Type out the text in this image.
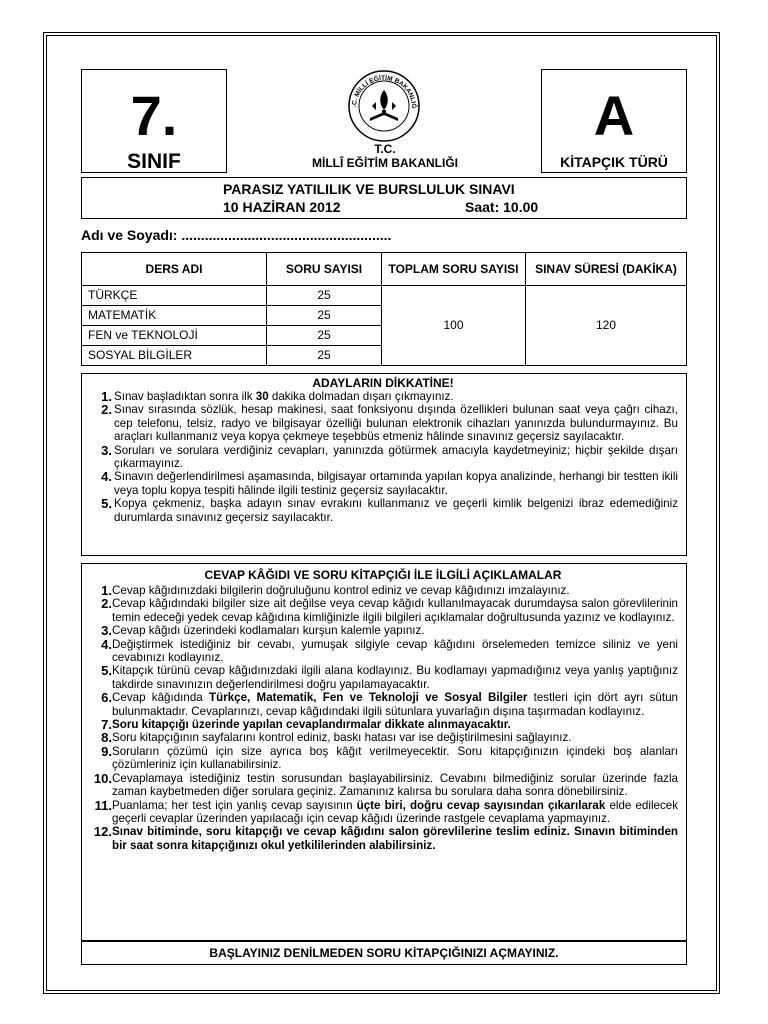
7.
SINIF
.C. MİLLİ EĞİTİM BAKANLIĞ
T.C.
MİLLÎ EĞİTİM BAKANLIĞI
A
KİTAPÇIK TÜRÜ
PARASIZ YATILILIK VE BURSLULUK SINAVI
10 HAZİRAN 2012	Saat: 10.00
Adı ve Soyadı: ......................................................
DERS ADI	SORU SAYISI	TOPLAM SORU SAYISI	SINAV SÜRESİ (DAKİKA)
TÜRKÇE	25	100	120
MATEMATİK	25		
FEN ve TEKNOLOJİ	25		
SOSYAL BİLGİLER	25		
ADAYLARIN DİKKATİNE!
1. Sınav başladıktan sonra ilk 30 dakika dolmadan dışarı çıkmayınız.
2. Sınav sırasında sözlük, hesap makinesi, saat fonksiyonu dışında özellikleri bulunan saat veya çağrı cihazı, cep telefonu, telsiz, radyo ve bilgisayar özelliği bulunan elektronik cihazları yanınızda bulundurmayınız. Bu araçları kullanmanız veya kopya çekmeye teşebbüs etmeniz hâlinde sınavınız geçersiz sayılacaktır.
3. Soruları ve sorulara verdiğiniz cevapları, yanınızda götürmek amacıyla kaydetmeyiniz; hiçbir şekilde dışarı çıkarmayınız.
4. Sınavın değerlendirilmesi aşamasında, bilgisayar ortamında yapılan kopya analizinde, herhangi bir testten ikili veya toplu kopya tespiti hâlinde ilgili testiniz geçersiz sayılacaktır.
5. Kopya çekmeniz, başka adayın sınav evrakını kullanmanız ve geçerli kimlik belgenizi ibraz edemediğiniz durumlarda sınavınız geçersiz sayılacaktır.
CEVAP KÂĞIDI VE SORU KİTAPÇIĞI İLE İLGİLİ AÇIKLAMALAR
1. Cevap kâğıdınızdaki bilgilerin doğruluğunu kontrol ediniz ve cevap kâğıdınızı imzalayınız.
2. Cevap kâğıdındaki bilgiler size ait değilse veya cevap kâğıdı kullanılmayacak durumdaysa salon görevlilerinin temin edeceği yedek cevap kâğıdına kimliğinizle ilgili bilgileri açıklamalar doğrultusunda yazınız ve kodlayınız.
3. Cevap kâğıdı üzerindeki kodlamaları kurşun kalemle yapınız.
4. Değiştirmek istediğiniz bir cevabı, yumuşak silgiyle cevap kâğıdını örselemeden temizce siliniz ve yeni cevabınızı kodlayınız.
5. Kitapçık türünü cevap kâğıdınızdaki ilgili alana kodlayınız. Bu kodlamayı yapmadığınız veya yanlış yaptığınız takdirde sınavınızın değerlendirilmesi doğru yapılamayacaktır.
6. Cevap kâğıdında Türkçe, Matematik, Fen ve Teknoloji ve Sosyal Bilgiler testleri için dört ayrı sütun bulunmaktadır. Cevaplarınızı, cevap kâğıdındaki ilgili sütunlara yuvarlağın dışına taşırmadan kodlayınız.
7. Soru kitapçığı üzerinde yapılan cevaplandırmalar dikkate alınmayacaktır.
8. Soru kitapçığının sayfalarını kontrol ediniz, baskı hatası var ise değiştirilmesini sağlayınız.
9. Soruların çözümü için size ayrıca boş kâğıt verilmeyecektir. Soru kitapçığınızın içindeki boş alanları çözümleriniz için kullanabilirsiniz.
10. Cevaplamaya istediğiniz testin sorusundan başlayabilirsiniz. Cevabını bilmediğiniz sorular üzerinde fazla zaman kaybetmeden diğer sorulara geçiniz. Zamanınız kalırsa bu sorulara daha sonra dönebilirsiniz.
11. Puanlama; her test için yanlış cevap sayısının üçte biri, doğru cevap sayısından çıkarılarak elde edilecek geçerli cevaplar üzerinden yapılacağı için cevap kâğıdı üzerinde rastgele cevaplama yapmayınız.
12. Sınav bitiminde, soru kitapçığı ve cevap kâğıdını salon görevlilerine teslim ediniz. Sınavın bitiminden bir saat sonra kitapçığınızı okul yetkililerinden alabilirsiniz.
BAŞLAYINIZ DENİLMEDEN SORU KİTAPÇIĞINIZI AÇMAYINIZ.
